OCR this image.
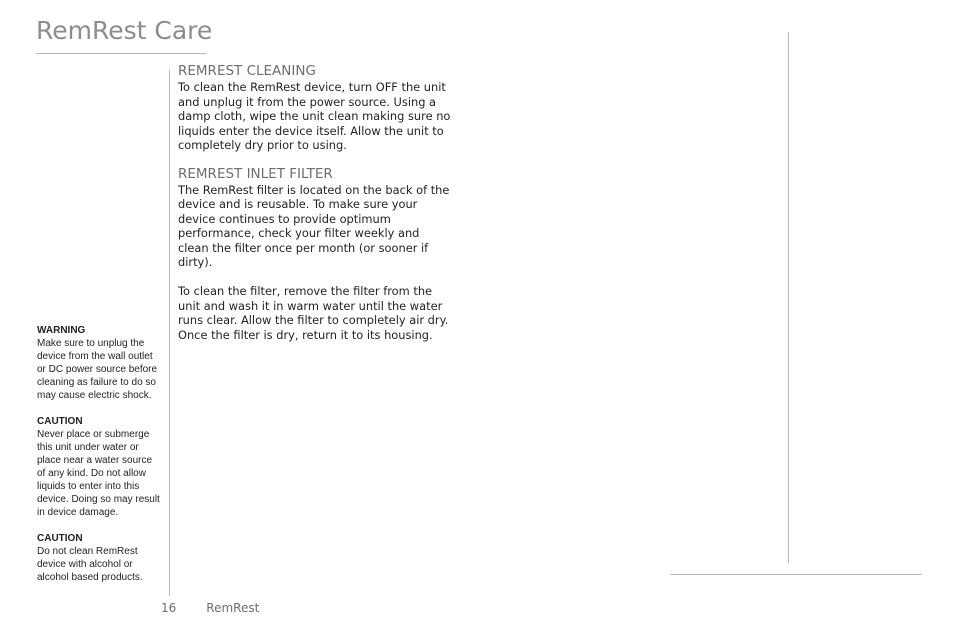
RemRest Care
WARNING
Make sure to unplug the device from the wall outlet or DC power source before cleaning as failure to do so may cause electric shock.
CAUTION
Never place or submerge this unit under water or place near a water source of any kind. Do not allow liquids to enter into this device. Doing so may result in device damage.
CAUTION
Do not clean RemRest device with alcohol or alcohol based products.
REMREST CLEANING

To clean the RemRest device, turn OFF the unit and unplug it from the power source. Using a damp cloth, wipe the unit clean making sure no liquids enter the device itself. Allow the unit to completely dry prior to using.

REMREST INLET FILTER

The RemRest filter is located on the back of the device and is reusable. To make sure your device continues to provide optimum performance, check your filter weekly and clean the filter once per month (or sooner if dirty).

To clean the filter, remove the filter from the unit and wash it in warm water until the water runs clear. Allow the filter to completely air dry. Once the filter is dry, return it to its housing.

16	RemRest
